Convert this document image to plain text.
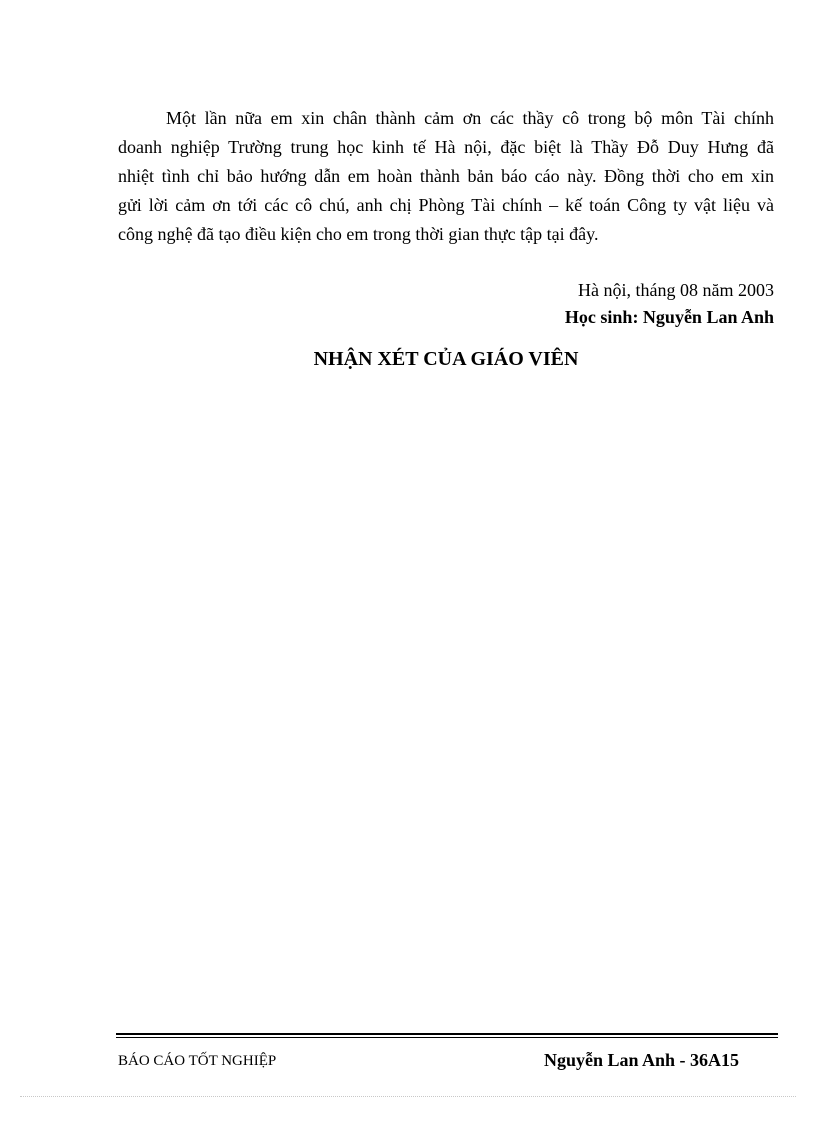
Một lần nữa em xin chân thành cảm ơn các thầy cô trong bộ môn Tài chính
doanh nghiệp Trường trung học kinh tế Hà nội, đặc biệt là Thầy Đỗ Duy Hưng đã
nhiệt tình chỉ bảo hướng dẫn em hoàn thành bản báo cáo này. Đồng thời cho em xin
gửi lời cảm ơn tới các cô chú, anh chị Phòng Tài chính – kế toán Công ty vật liệu và
công nghệ đã tạo điều kiện cho em trong thời gian thực tập tại đây.
Hà nội, tháng 08 năm 2003
Học sinh: Nguyễn Lan Anh
NHẬN XÉT CỦA GIÁO VIÊN
BÁO CÁO TỐT NGHIỆP	Nguyễn Lan Anh - 36A15
